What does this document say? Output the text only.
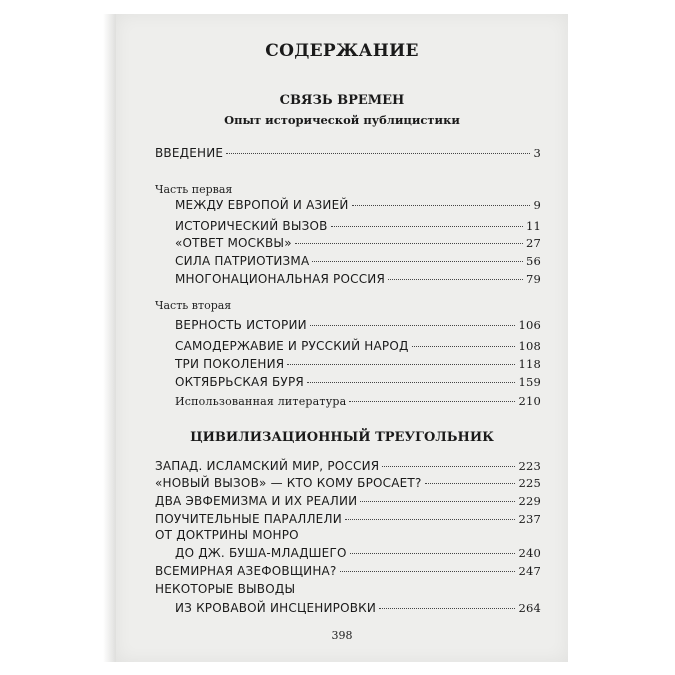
СОДЕРЖАНИЕ
СВЯЗЬ ВРЕМЕН
Опыт исторической публицистики
ВВЕДЕНИЕ	3
Часть первая
МЕЖДУ ЕВРОПОЙ И АЗИЕЙ	9
ИСТОРИЧЕСКИЙ ВЫЗОВ	11
«ОТВЕТ МОСКВЫ»	27
СИЛА ПАТРИОТИЗМА	56
МНОГОНАЦИОНАЛЬНАЯ РОССИЯ	79
Часть вторая
ВЕРНОСТЬ ИСТОРИИ	106
САМОДЕРЖАВИЕ И РУССКИЙ НАРОД	108
ТРИ ПОКОЛЕНИЯ	118
ОКТЯБРЬСКАЯ БУРЯ	159
Использованная литература	210
ЦИВИЛИЗАЦИОННЫЙ ТРЕУГОЛЬНИК
ЗАПАД. ИСЛАМСКИЙ МИР, РОССИЯ	223
«НОВЫЙ ВЫЗОВ» — КТО КОМУ БРОСАЕТ?	225
ДВА ЭВФЕМИЗМА И ИХ РЕАЛИИ	229
ПОУЧИТЕЛЬНЫЕ ПАРАЛЛЕЛИ	237
ОТ ДОКТРИНЫ МОНРО
ДО ДЖ. БУША-МЛАДШЕГО	240
ВСЕМИРНАЯ АЗЕФОВЩИНА?	247
НЕКОТОРЫЕ ВЫВОДЫ
ИЗ КРОВАВОЙ ИНСЦЕНИРОВКИ	264
398
